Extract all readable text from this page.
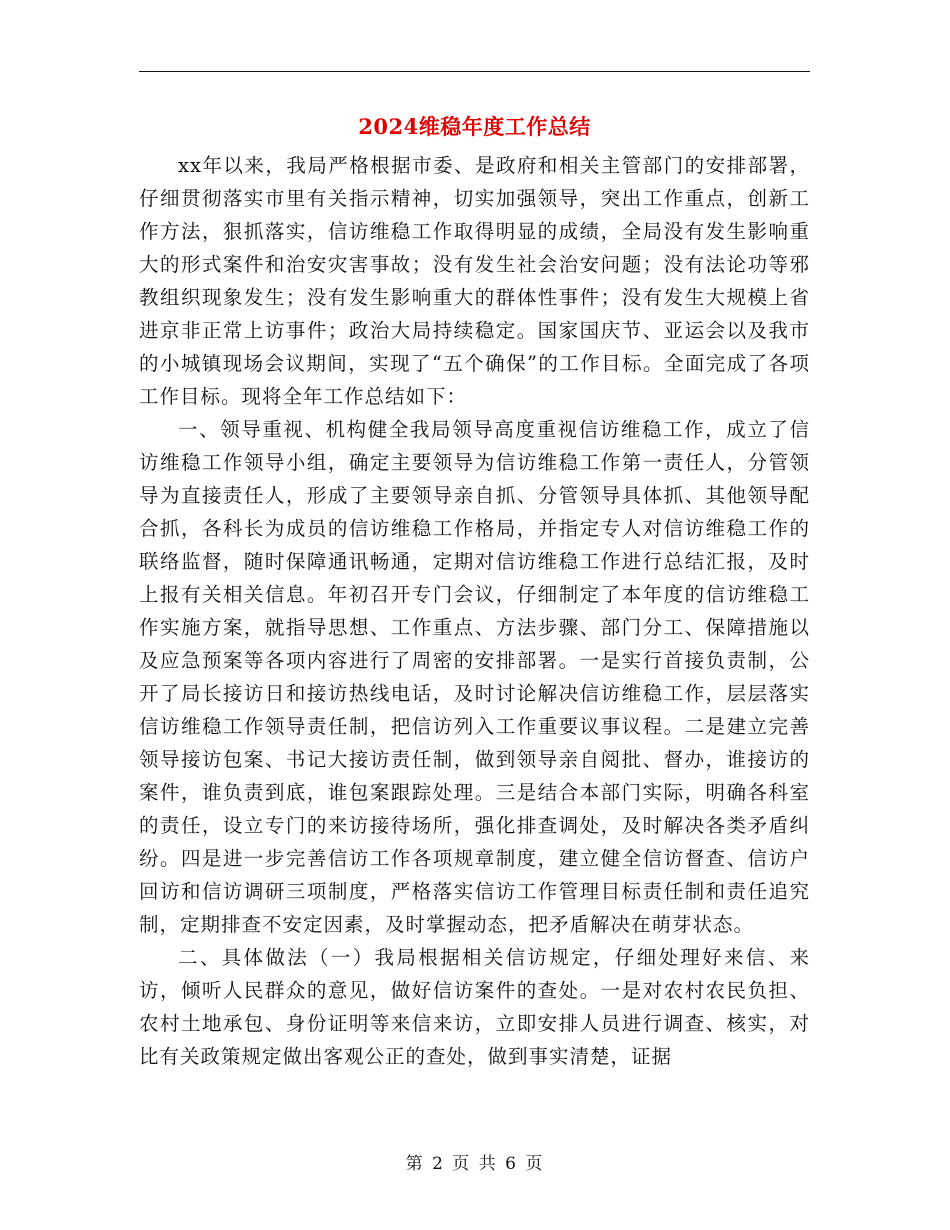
2024维稳年度工作总结

xx年以来，我局严格根据市委、是政府和相关主管部门的安排部署，仔细贯彻落实市里有关指示精神，切实加强领导，突出工作重点，创新工作方法，狠抓落实，信访维稳工作取得明显的成绩，全局没有发生影响重大的形式案件和治安灾害事故；没有发生社会治安问题；没有法论功等邪教组织现象发生；没有发生影响重大的群体性事件；没有发生大规模上省进京非正常上访事件；政治大局持续稳定。国家国庆节、亚运会以及我市的小城镇现场会议期间，实现了“五个确保”的工作目标。全面完成了各项工作目标。现将全年工作总结如下：

一、领导重视、机构健全我局领导高度重视信访维稳工作，成立了信访维稳工作领导小组，确定主要领导为信访维稳工作第一责任人，分管领导为直接责任人，形成了主要领导亲自抓、分管领导具体抓、其他领导配合抓，各科长为成员的信访维稳工作格局，并指定专人对信访维稳工作的联络监督，随时保障通讯畅通，定期对信访维稳工作进行总结汇报，及时上报有关相关信息。年初召开专门会议，仔细制定了本年度的信访维稳工作实施方案，就指导思想、工作重点、方法步骤、部门分工、保障措施以及应急预案等各项内容进行了周密的安排部署。一是实行首接负责制，公开了局长接访日和接访热线电话，及时讨论解决信访维稳工作，层层落实信访维稳工作领导责任制，把信访列入工作重要议事议程。二是建立完善领导接访包案、书记大接访责任制，做到领导亲自阅批、督办，谁接访的案件，谁负责到底，谁包案跟踪处理。三是结合本部门实际，明确各科室的责任，设立专门的来访接待场所，强化排查调处，及时解决各类矛盾纠纷。四是进一步完善信访工作各项规章制度，建立健全信访督查、信访户回访和信访调研三项制度，严格落实信访工作管理目标责任制和责任追究制，定期排查不安定因素，及时掌握动态，把矛盾解决在萌芽状态。

二、具体做法（一）我局根据相关信访规定，仔细处理好来信、来访，倾听人民群众的意见，做好信访案件的查处。一是对农村农民负担、农村土地承包、身份证明等来信来访，立即安排人员进行调查、核实，对比有关政策规定做出客观公正的查处，做到事实清楚，证据

第 2 页 共 6 页
